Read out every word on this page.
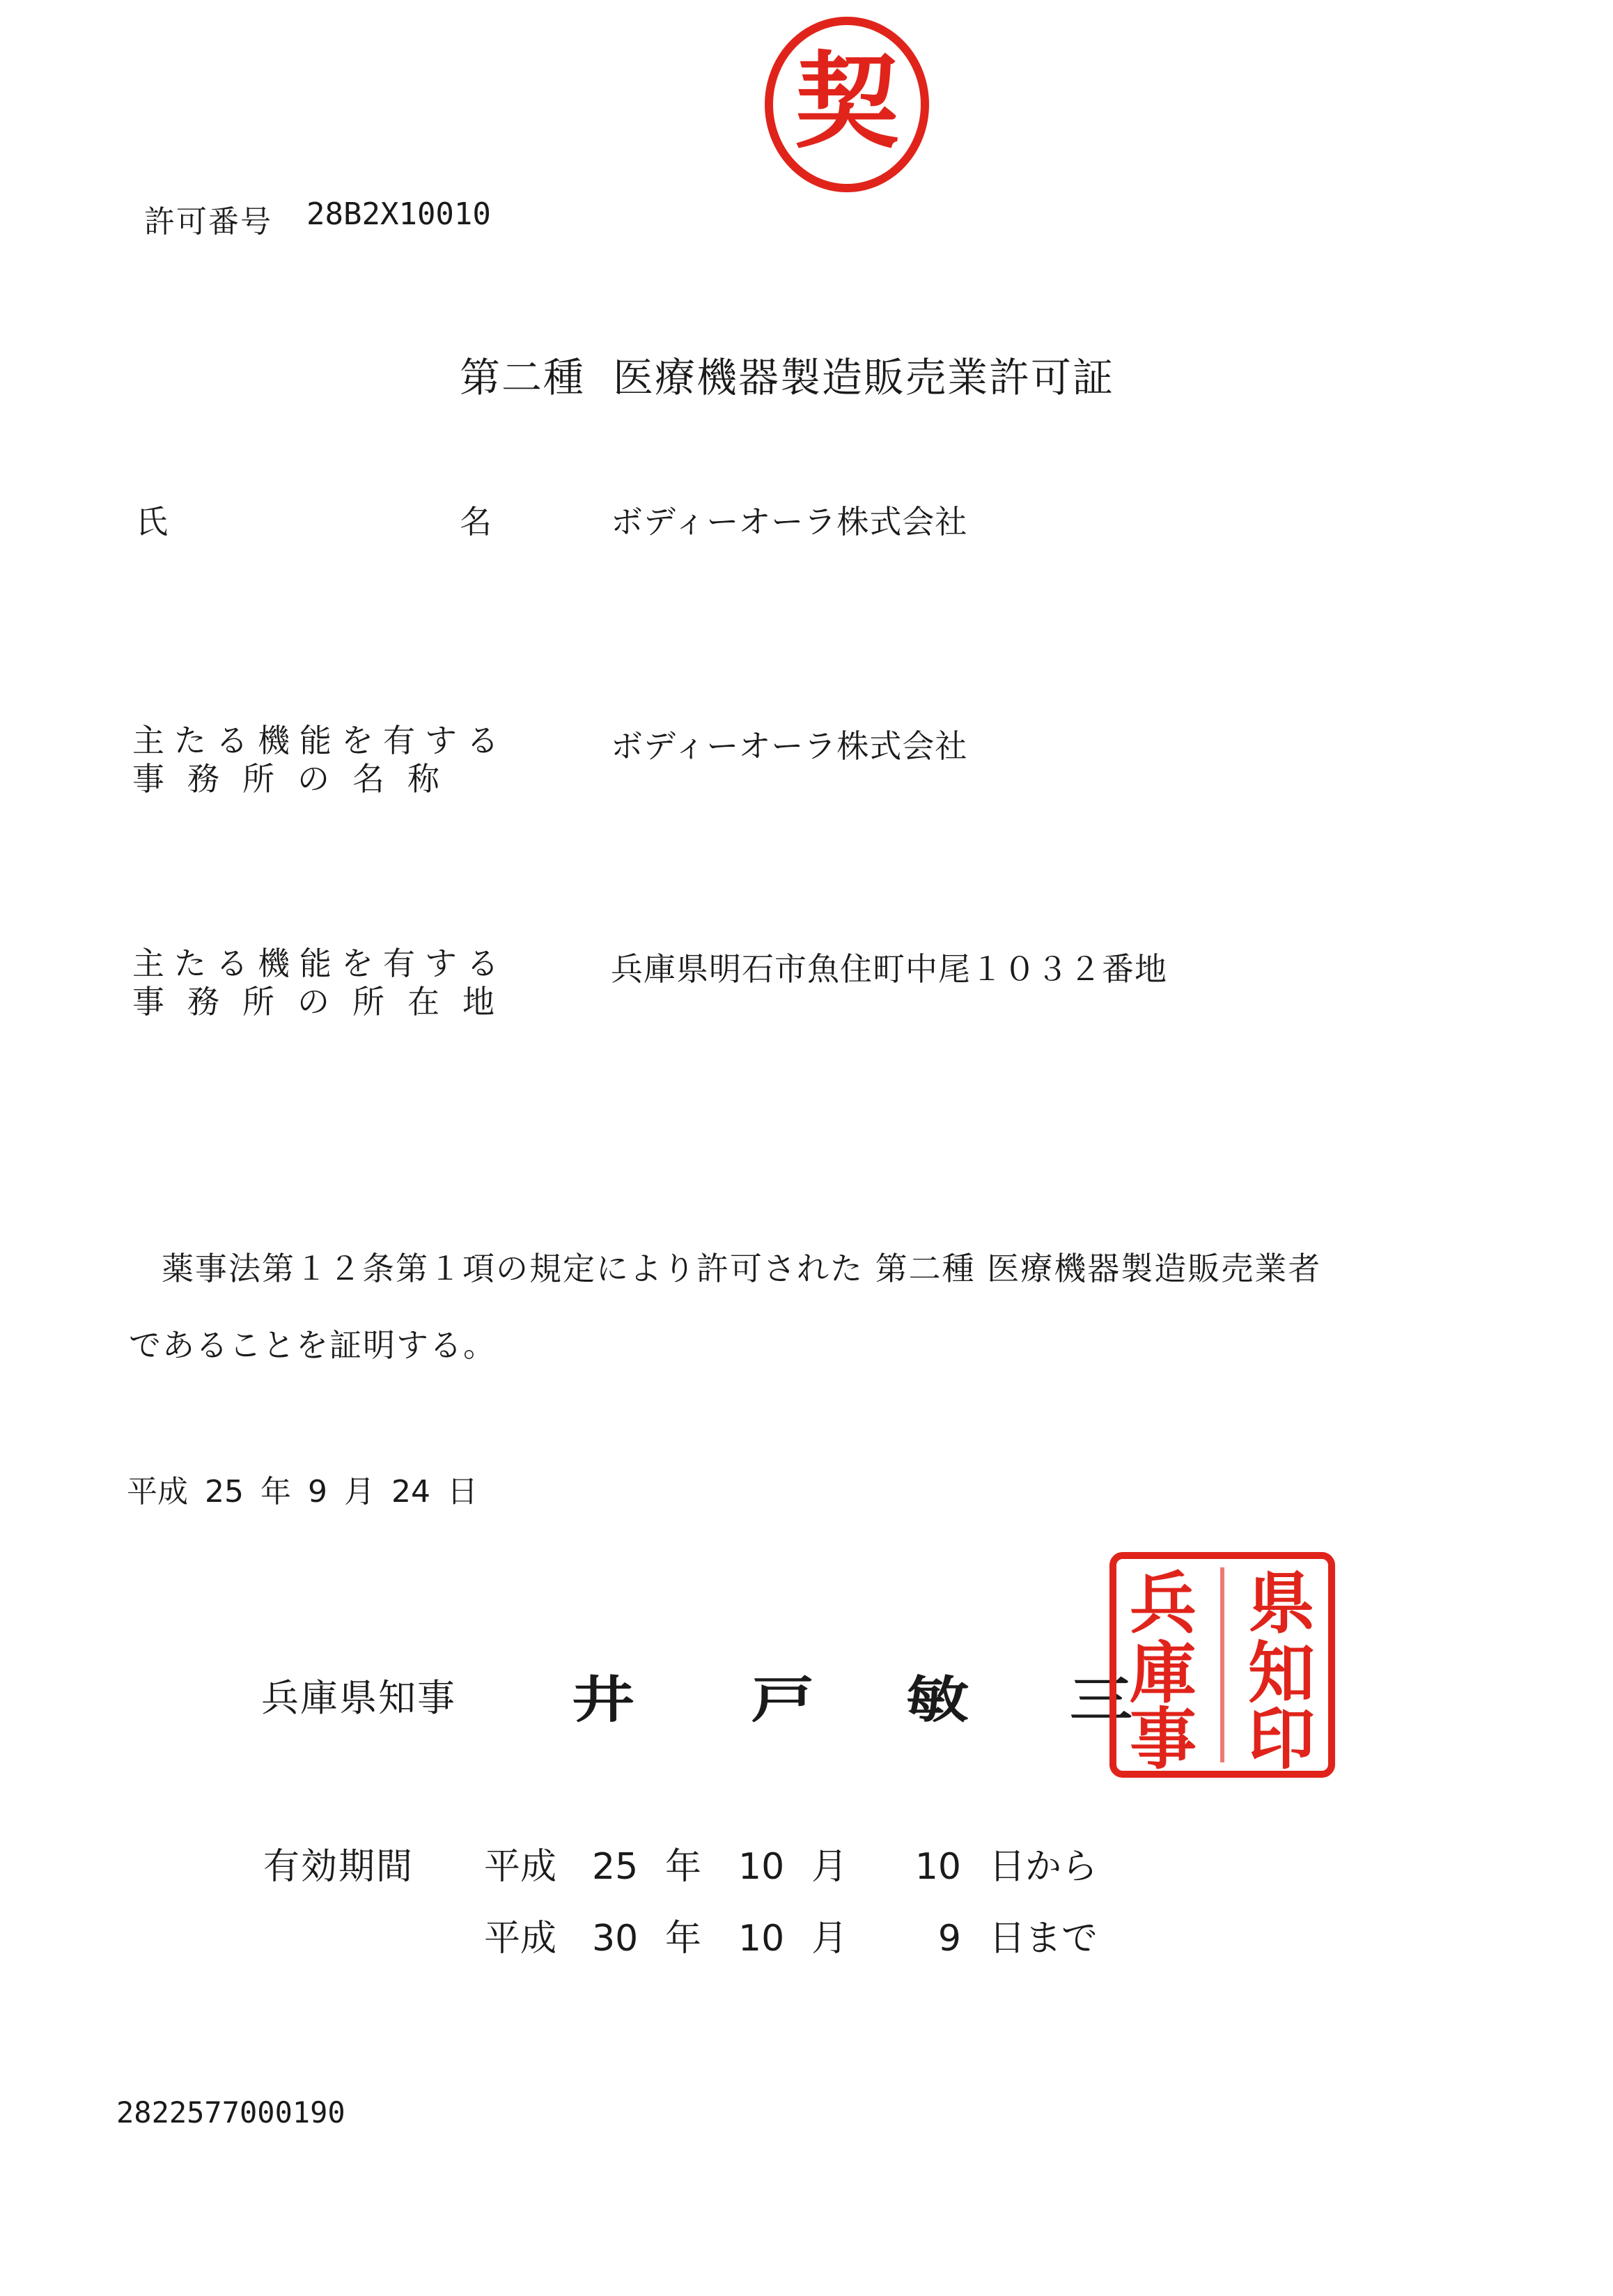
契
許可番号 28B2X10010
第二種 医療機器製造販売業許可証
氏	名	ボディーオーラ株式会社
主たる機能を有する
事務所の名称
ボディーオーラ株式会社
主たる機能を有する
事務所の所在地
兵庫県明石市魚住町中尾１０３２番地
薬事法第１２条第１項の規定により許可された 第二種 医療機器製造販売業者
であることを証明する。
平成 25 年 9 月 24 日
兵庫県知事 井 戸 敏 三
県
知
印
兵
庫
事
有効期間 平成 25 年 10 月 10 日から
平成 30 年 10 月 9 日まで
2822577000190
